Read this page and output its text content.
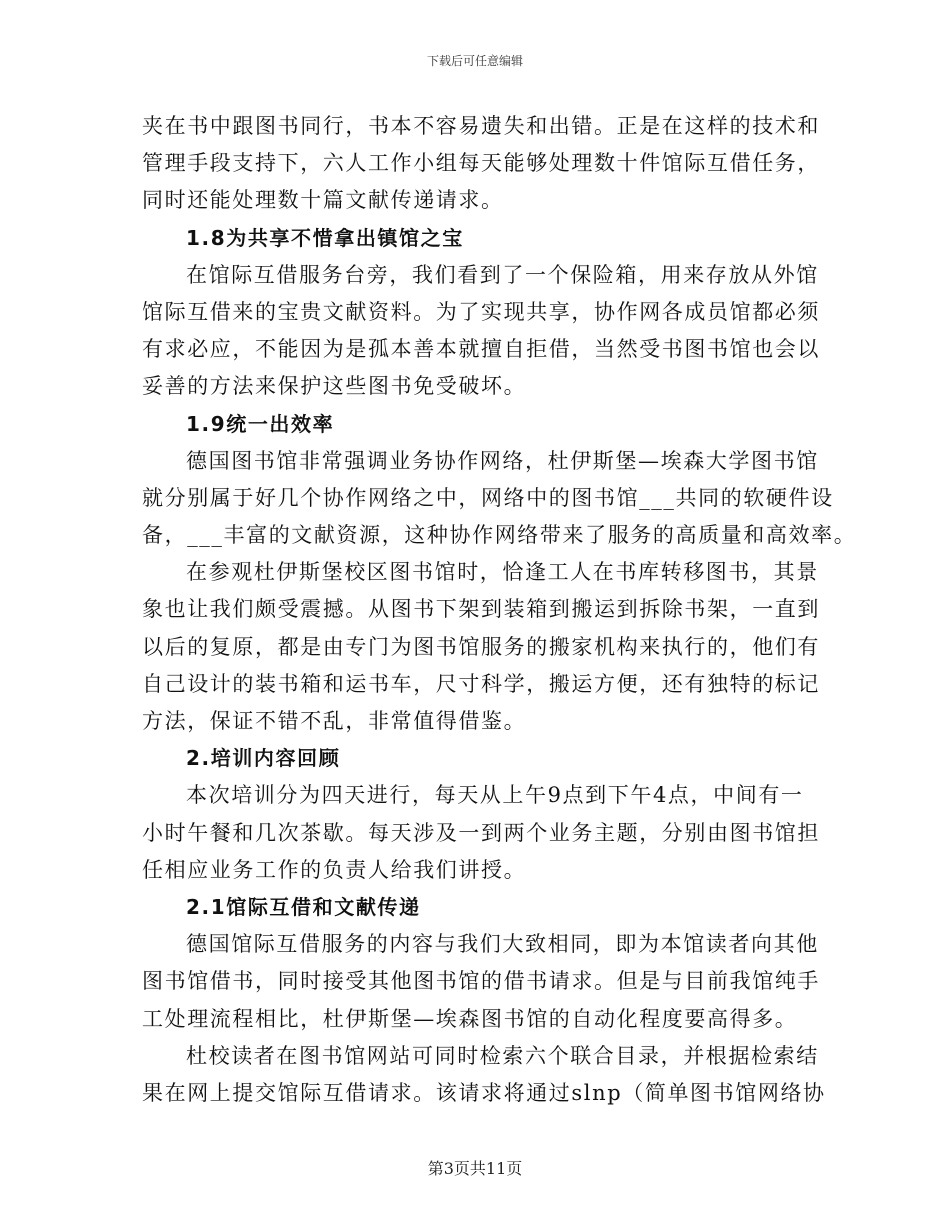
下载后可任意编辑
夹在书中跟图书同行，书本不容易遗失和出错。正是在这样的技术和
管理手段支持下，六人工作小组每天能够处理数十件馆际互借任务，
同时还能处理数十篇文献传递请求。
1.8为共享不惜拿出镇馆之宝
在馆际互借服务台旁，我们看到了一个保险箱，用来存放从外馆
馆际互借来的宝贵文献资料。为了实现共享，协作网各成员馆都必须
有求必应，不能因为是孤本善本就擅自拒借，当然受书图书馆也会以
妥善的方法来保护这些图书免受破坏。
1.9统一出效率
德国图书馆非常强调业务协作网络，杜伊斯堡—埃森大学图书馆
就分别属于好几个协作网络之中，网络中的图书馆___共同的软硬件设
备，___丰富的文献资源，这种协作网络带来了服务的高质量和高效率。
在参观杜伊斯堡校区图书馆时，恰逢工人在书库转移图书，其景
象也让我们颇受震撼。从图书下架到装箱到搬运到拆除书架，一直到
以后的复原，都是由专门为图书馆服务的搬家机构来执行的，他们有
自己设计的装书箱和运书车，尺寸科学，搬运方便，还有独特的标记
方法，保证不错不乱，非常值得借鉴。
2.培训内容回顾
本次培训分为四天进行，每天从上午9点到下午4点，中间有一
小时午餐和几次茶歇。每天涉及一到两个业务主题，分别由图书馆担
任相应业务工作的负责人给我们讲授。
2.1馆际互借和文献传递
德国馆际互借服务的内容与我们大致相同，即为本馆读者向其他
图书馆借书，同时接受其他图书馆的借书请求。但是与目前我馆纯手
工处理流程相比，杜伊斯堡—埃森图书馆的自动化程度要高得多。
杜校读者在图书馆网站可同时检索六个联合目录，并根据检索结
果在网上提交馆际互借请求。该请求将通过slnp（简单图书馆网络协
第3页共11页
